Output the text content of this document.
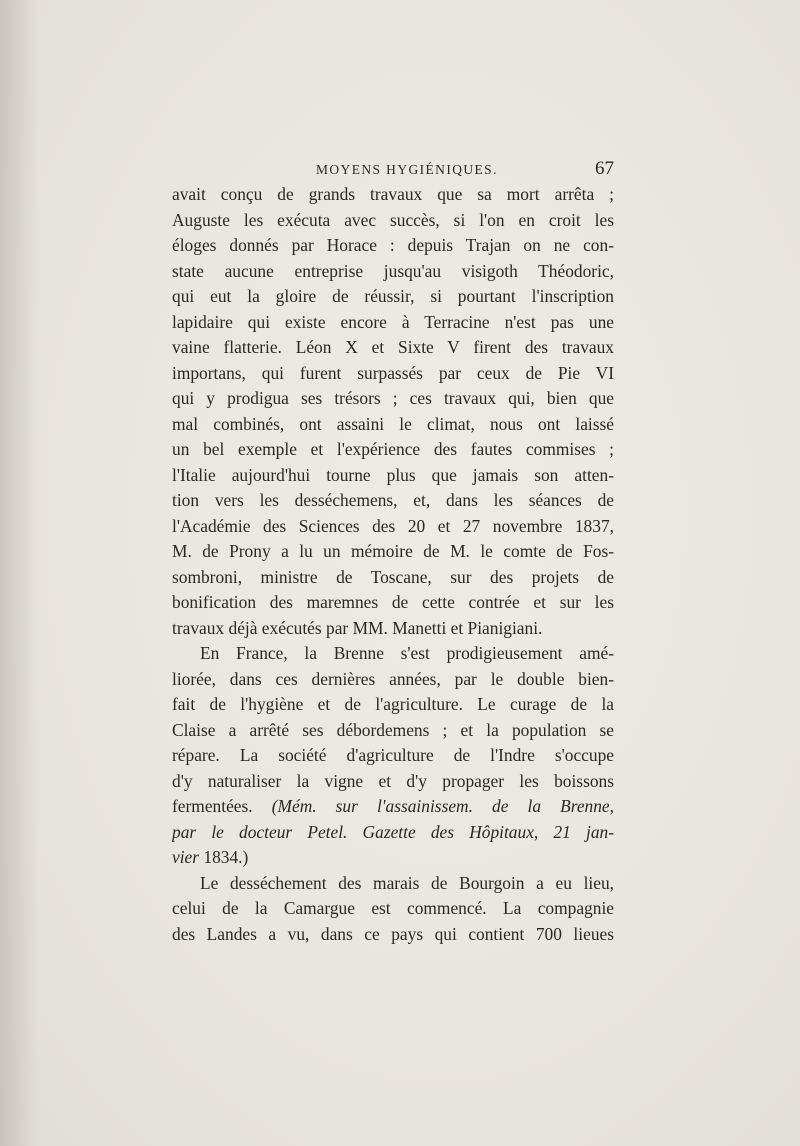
MOYENS HYGIÉNIQUES.	67
avait conçu de grands travaux que sa mort arrêta ;
Auguste les exécuta avec succès, si l'on en croit les
éloges donnés par Horace : depuis Trajan on ne con-
state aucune entreprise jusqu'au visigoth Théodoric,
qui eut la gloire de réussir, si pourtant l'inscription
lapidaire qui existe encore à Terracine n'est pas une
vaine flatterie. Léon X et Sixte V firent des travaux
importans, qui furent surpassés par ceux de Pie VI
qui y prodigua ses trésors ; ces travaux qui, bien que
mal combinés, ont assaini le climat, nous ont laissé
un bel exemple et l'expérience des fautes commises ;
l'Italie aujourd'hui tourne plus que jamais son atten-
tion vers les desséchemens, et, dans les séances de
l'Académie des Sciences des 20 et 27 novembre 1837,
M. de Prony a lu un mémoire de M. le comte de Fos-
sombroni, ministre de Toscane, sur des projets de
bonification des maremnes de cette contrée et sur les
travaux déjà exécutés par MM. Manetti et Pianigiani.
En France, la Brenne s'est prodigieusement amé-
liorée, dans ces dernières années, par le double bien-
fait de l'hygiène et de l'agriculture. Le curage de la
Claise a arrêté ses débordemens ; et la population se
répare. La société d'agriculture de l'Indre s'occupe
d'y naturaliser la vigne et d'y propager les boissons
fermentées. (Mém. sur l'assainissem. de la Brenne,
par le docteur Petel. Gazette des Hôpitaux, 21 jan-
vier 1834.)
Le desséchement des marais de Bourgoin a eu lieu,
celui de la Camargue est commencé. La compagnie
des Landes a vu, dans ce pays qui contient 700 lieues
